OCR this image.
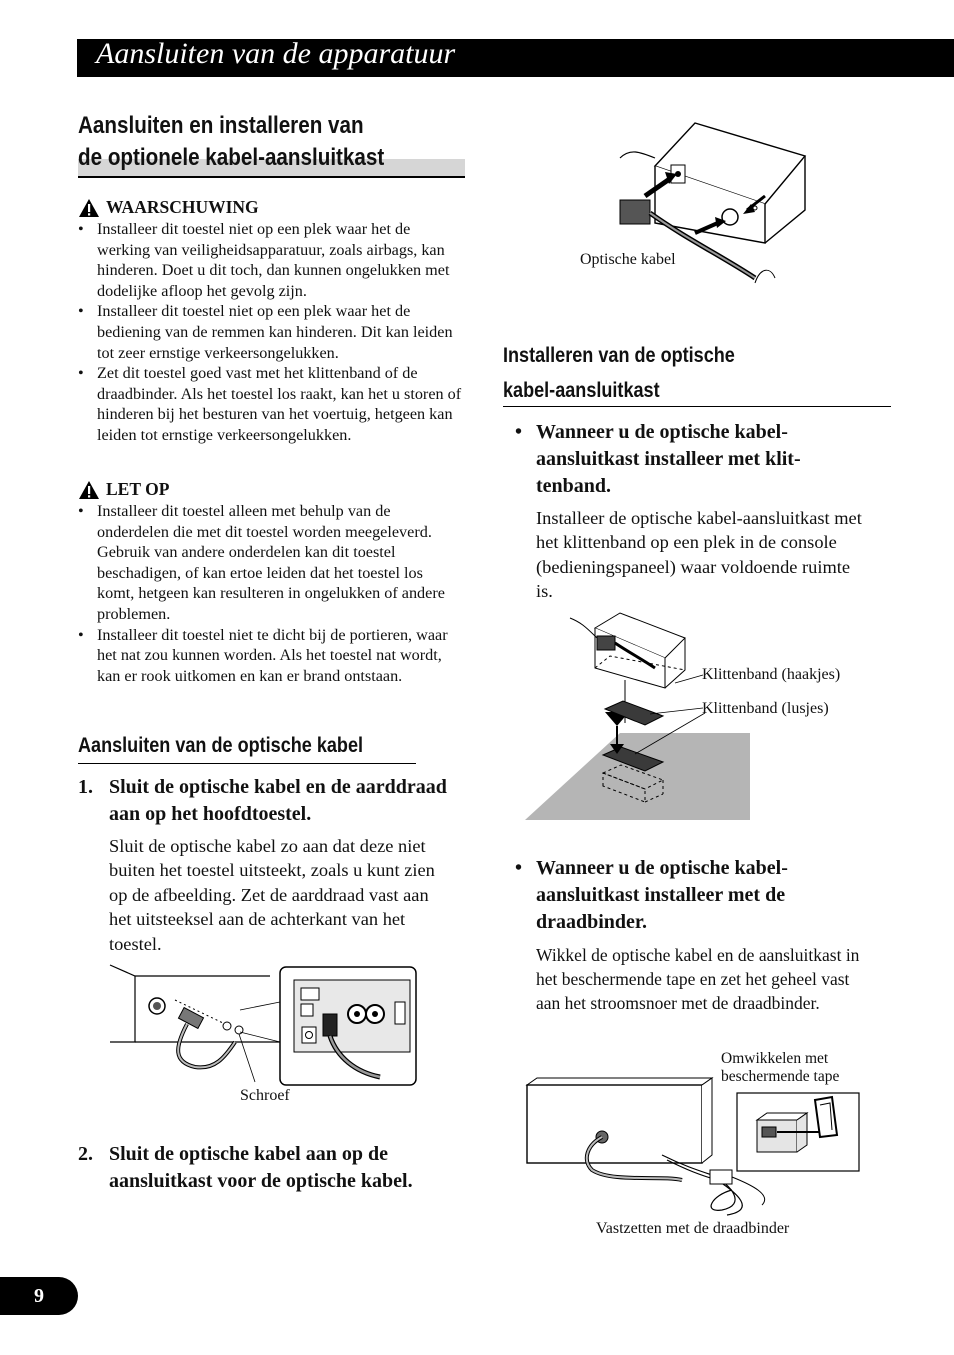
Aansluiten van de apparatuur
Aansluiten en installeren van
de optionele kabel-aansluitkast
WAARSCHUWING
• Installeer dit toestel niet op een plek waar het de werking van veiligheidsapparatuur, zoals airbags, kan hinderen. Doet u dit toch, dan kunnen ongelukken met dodelijke afloop het gevolg zijn.
• Installeer dit toestel niet op een plek waar het de bediening van de remmen kan hinderen. Dit kan leiden tot zeer ernstige verkeersongelukken.
• Zet dit toestel goed vast met het klittenband of de draadbinder. Als het toestel los raakt, kan het u storen of hinderen bij het besturen van het voertuig, hetgeen kan leiden tot ernstige verkeersongelukken.
LET OP
• Installeer dit toestel alleen met behulp van de onderdelen die met dit toestel worden meegeleverd. Gebruik van andere onderdelen kan dit toestel beschadigen, of kan ertoe leiden dat het toestel los komt, hetgeen kan resulteren in ongelukken of andere problemen.
• Installeer dit toestel niet te dicht bij de portieren, waar het nat zou kunnen worden. Als het toestel nat wordt, kan er rook uitkomen en kan er brand ontstaan.
Aansluiten van de optische kabel
1. Sluit de optische kabel en de aarddraad aan op het hoofdtoestel.
Sluit de optische kabel zo aan dat deze niet buiten het toestel uitsteekt, zoals u kunt zien op de afbeelding. Zet de aarddraad vast aan het uitsteeksel aan de achterkant van het toestel.
Schroef
2. Sluit de optische kabel aan op de aansluitkast voor de optische kabel.
Optische kabel
Installeren van de optische
kabel-aansluitkast
• Wanneer u de optische kabel-aansluitkast installeer met klit-tenband.
Installeer de optische kabel-aansluitkast met het klittenband op een plek in de console (bedieningspaneel) waar voldoende ruimte is.
Klittenband (haakjes)
Klittenband (lusjes)
• Wanneer u de optische kabel-aansluitkast installeer met de draadbinder.
Wikkel de optische kabel en de aansluitkast in het beschermende tape en zet het geheel vast aan het stroomsnoer met de draadbinder.
Omwikkelen met beschermende tape
Vastzetten met de draadbinder
9
